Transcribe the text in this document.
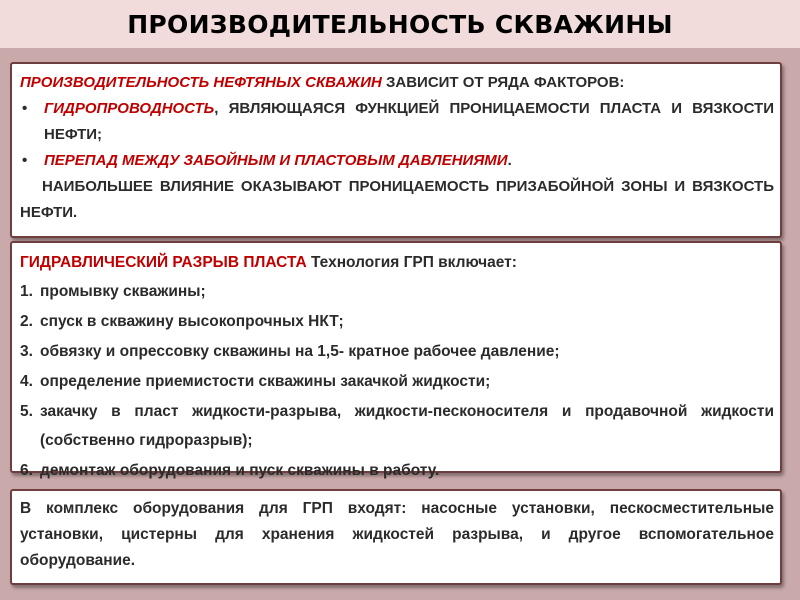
ПРОИЗВОДИТЕЛЬНОСТЬ СКВАЖИНЫ

ПРОИЗВОДИТЕЛЬНОСТЬ НЕФТЯНЫХ СКВАЖИН ЗАВИСИТ ОТ РЯДА ФАКТОРОВ:

•	ГИДРОПРОВОДНОСТЬ, ЯВЛЯЮЩАЯСЯ ФУНКЦИЕЙ ПРОНИЦАЕМОСТИ ПЛАСТА И ВЯЗКОСТИ НЕФТИ;
•	ПЕРЕПАД МЕЖДУ ЗАБОЙНЫМ И ПЛАСТОВЫМ ДАВЛЕНИЯМИ.

НАИБОЛЬШЕЕ ВЛИЯНИЕ ОКАЗЫВАЮТ ПРОНИЦАЕМОСТЬ ПРИЗАБОЙНОЙ ЗОНЫ И ВЯЗКОСТЬ НЕФТИ.

ГИДРАВЛИЧЕСКИЙ РАЗРЫВ ПЛАСТА Технология ГРП включает:

1. промывку скважины;
2. спуск в скважину высокопрочных НКТ;
3. обвязку и опрессовку скважины на 1,5- кратное рабочее давление;
4. определение приемистости скважины закачкой жидкости;
5. закачку в пласт жидкости-разрыва, жидкости-песконосителя и продавочной жидкости (собственно гидроразрыв);
6. демонтаж оборудования и пуск скважины в работу.

В комплекс оборудования для ГРП входят: насосные установки, пескосместительные установки, цистерны для хранения жидкостей разрыва, и другое вспомогательное оборудование.
